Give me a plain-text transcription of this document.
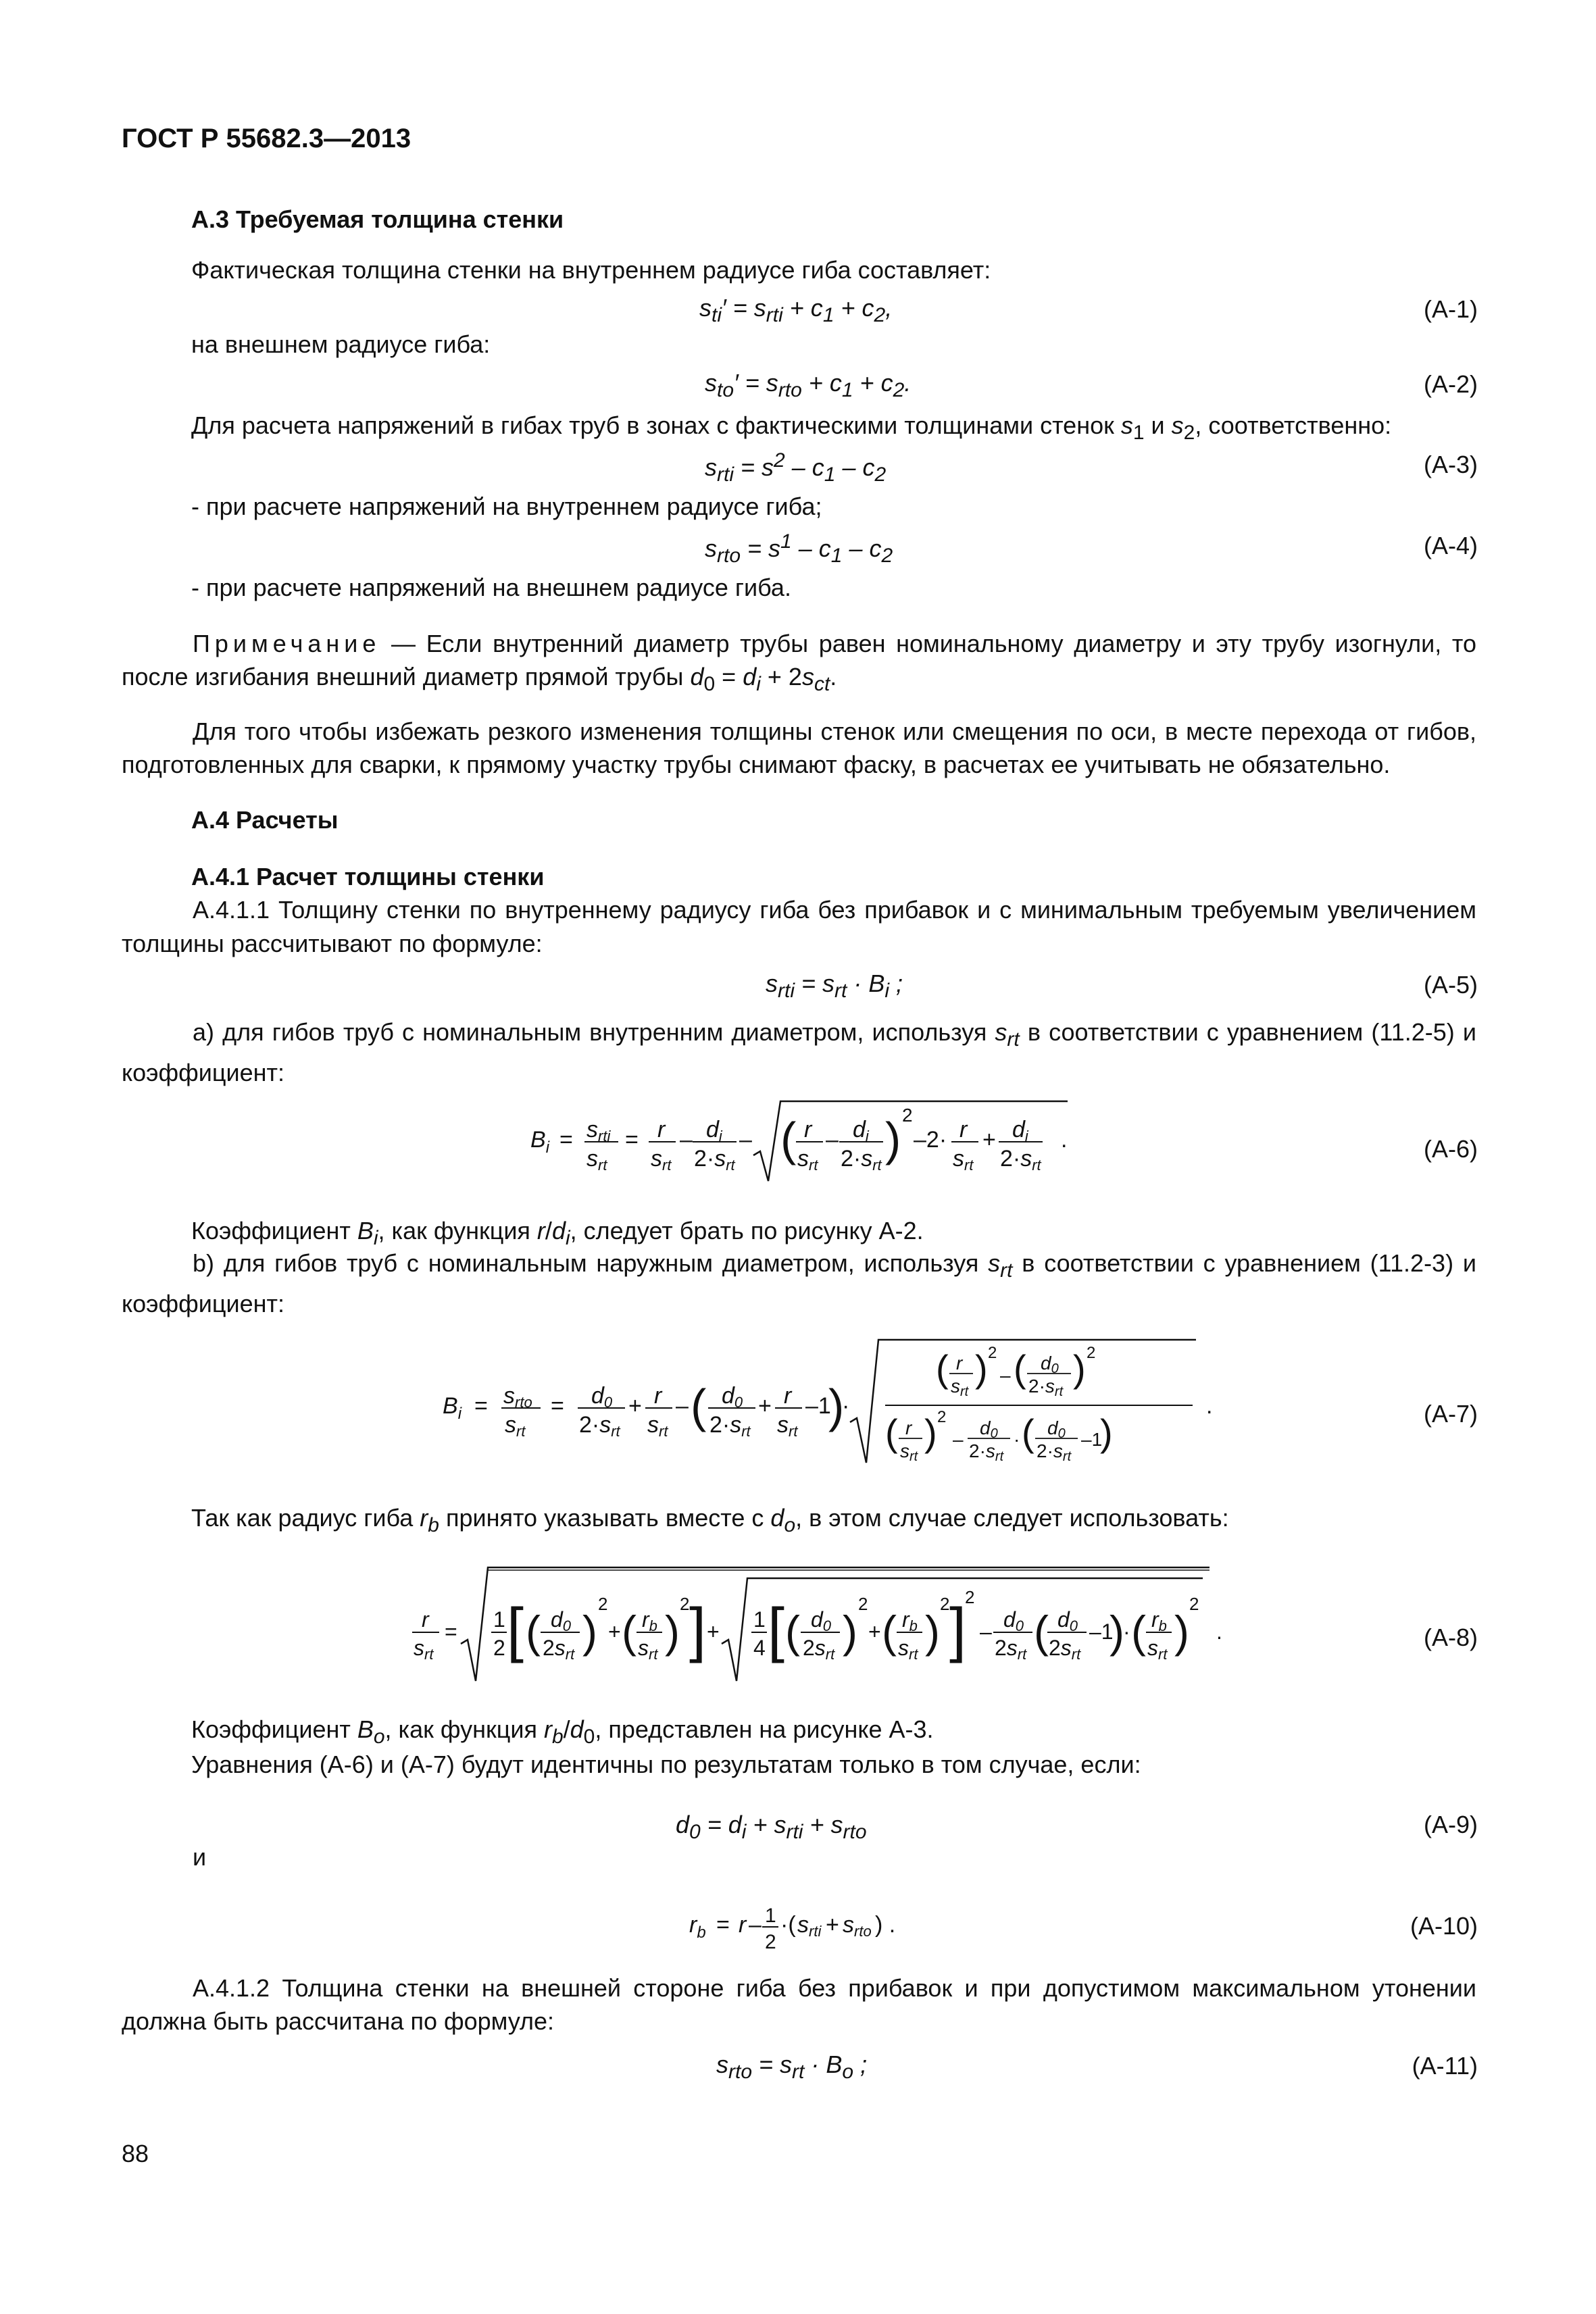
ГОСТ Р 55682.3—2013
А.3 Требуемая толщина стенки
Фактическая толщина стенки на внутреннем радиусе гиба составляет:
$s_{ti}' = s_{rti} + c_1 + c_2$,	(А-1)
на внешнем радиусе гиба:
$s_{to}' = s_{rto} + c_1 + c_2$.	(А-2)
Для расчета напряжений в гибах труб в зонах с фактическими толщинами стенок $s_1$ и $s_2$, соответственно:
$s_{rti} = s^2 - c_1 - c_2$	(А-3)
- при расчете напряжений на внутреннем радиусе гиба;
$s_{rto} = s^1 - c_1 - c_2$	(А-4)
- при расчете напряжений на внешнем радиусе гиба.
Примечание — Если внутренний диаметр трубы равен номинальному диаметру и эту трубу изогнули, то после изгибания внешний диаметр прямой трубы $d_0 = d_i + 2s_{ct}$.
Для того чтобы избежать резкого изменения толщины стенок или смещения по оси, в месте перехода от гибов, подготовленных для сварки, к прямому участку трубы снимают фаску, в расчетах ее учитывать не обязательно.
А.4 Расчеты
А.4.1 Расчет толщины стенки
А.4.1.1 Толщину стенки по внутреннему радиусу гиба без прибавок и с минимальным требуемым увеличением толщины рассчитывают по формуле:
$s_{rti} = s_{rt} \cdot B_i$ ;	(А-5)
а) для гибов труб с номинальным внутренним диаметром, используя $s_{rt}$ в соответствии с уравнением (11.2-5) и коэффициент:
$B_i$ = srti
srt
= r
srt
– di
2·srt
– ( r
srt
– di
2·srt ) 2
–2· r
srt
+ di
2·srt
.	(А-6)
Коэффициент $B_i$, как функция $r/d_i$, следует брать по рисунку А-2.
b) для гибов труб с номинальным наружным диаметром, используя $s_{rt}$ в соответствии с уравнением (11.2-3) и коэффициент:
$B_i$ = srto
srt
= d0
2·srt
+ r
srt
– ( d0
2·srt
+ r
srt
–1
)
·
( r
srt
) 2
– ( d0
2·srt
) 2
( r
srt
) 2
–
d0
2·srt
· ( d0
2·srt
–1
)
.	(А-7)
Так как радиус гиба $r_b$ принято указывать вместе с $d_o$, в этом случае следует использовать:
r
srt
= 1
2 [ ( d0
2srt )
2
+ ( rb
srt )
2 ] + 1
4 [ ( d0
2srt )
2
+ ( rb
srt )
2 ]
2
– d0
2srt ( d0
2srt
–1
)
· ( rb
srt )
2
.	(А-8)
Коэффициент $B_o$, как функция $r_b/d_0$, представлен на рисунке А-3.
Уравнения (А-6) и (А-7) будут идентичны по результатам только в том случае, если:
$d_0 = d_i + s_{rti} + s_{rto}$	(А-9)
и
$r_b = r - 1$
2
·( srti + srto ) .	(А-10)
А.4.1.2 Толщина стенки на внешней стороне гиба без прибавок и при допустимом максимальном утонении должна быть рассчитана по формуле:
$s_{rto} = s_{rt} \cdot B_o$ ;	(А-11)
88
